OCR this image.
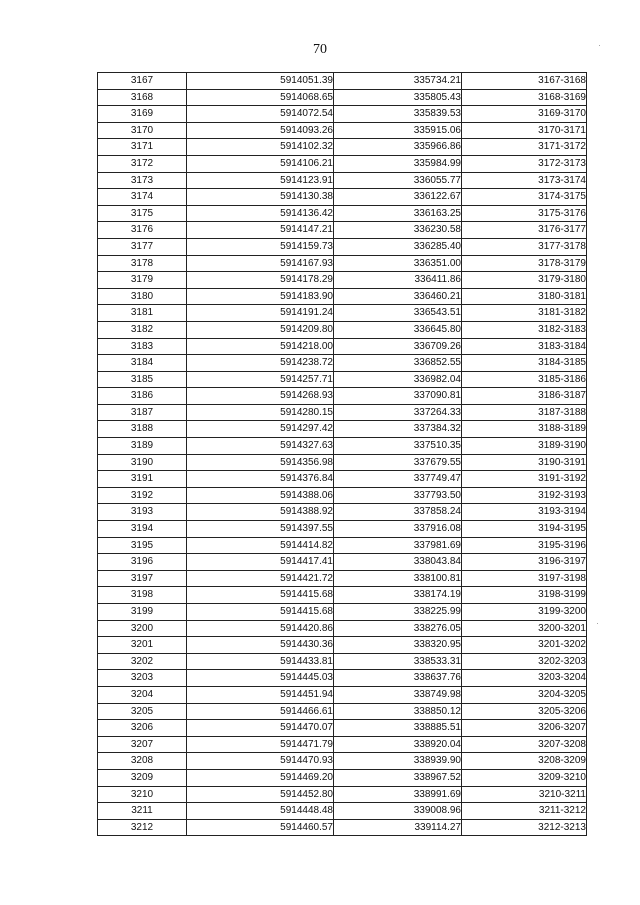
70
3167	5914051.39	335734.21	3167-3168
3168	5914068.65	335805.43	3168-3169
3169	5914072.54	335839.53	3169-3170
3170	5914093.26	335915.06	3170-3171
3171	5914102.32	335966.86	3171-3172
3172	5914106.21	335984.99	3172-3173
3173	5914123.91	336055.77	3173-3174
3174	5914130.38	336122.67	3174-3175
3175	5914136.42	336163.25	3175-3176
3176	5914147.21	336230.58	3176-3177
3177	5914159.73	336285.40	3177-3178
3178	5914167.93	336351.00	3178-3179
3179	5914178.29	336411.86	3179-3180
3180	5914183.90	336460.21	3180-3181
3181	5914191.24	336543.51	3181-3182
3182	5914209.80	336645.80	3182-3183
3183	5914218.00	336709.26	3183-3184
3184	5914238.72	336852.55	3184-3185
3185	5914257.71	336982.04	3185-3186
3186	5914268.93	337090.81	3186-3187
3187	5914280.15	337264.33	3187-3188
3188	5914297.42	337384.32	3188-3189
3189	5914327.63	337510.35	3189-3190
3190	5914356.98	337679.55	3190-3191
3191	5914376.84	337749.47	3191-3192
3192	5914388.06	337793.50	3192-3193
3193	5914388.92	337858.24	3193-3194
3194	5914397.55	337916.08	3194-3195
3195	5914414.82	337981.69	3195-3196
3196	5914417.41	338043.84	3196-3197
3197	5914421.72	338100.81	3197-3198
3198	5914415.68	338174.19	3198-3199
3199	5914415.68	338225.99	3199-3200
3200	5914420.86	338276.05	3200-3201
3201	5914430.36	338320.95	3201-3202
3202	5914433.81	338533.31	3202-3203
3203	5914445.03	338637.76	3203-3204
3204	5914451.94	338749.98	3204-3205
3205	5914466.61	338850.12	3205-3206
3206	5914470.07	338885.51	3206-3207
3207	5914471.79	338920.04	3207-3208
3208	5914470.93	338939.90	3208-3209
3209	5914469.20	338967.52	3209-3210
3210	5914452.80	338991.69	3210-3211
3211	5914448.48	339008.96	3211-3212
3212	5914460.57	339114.27	3212-3213
·
·
